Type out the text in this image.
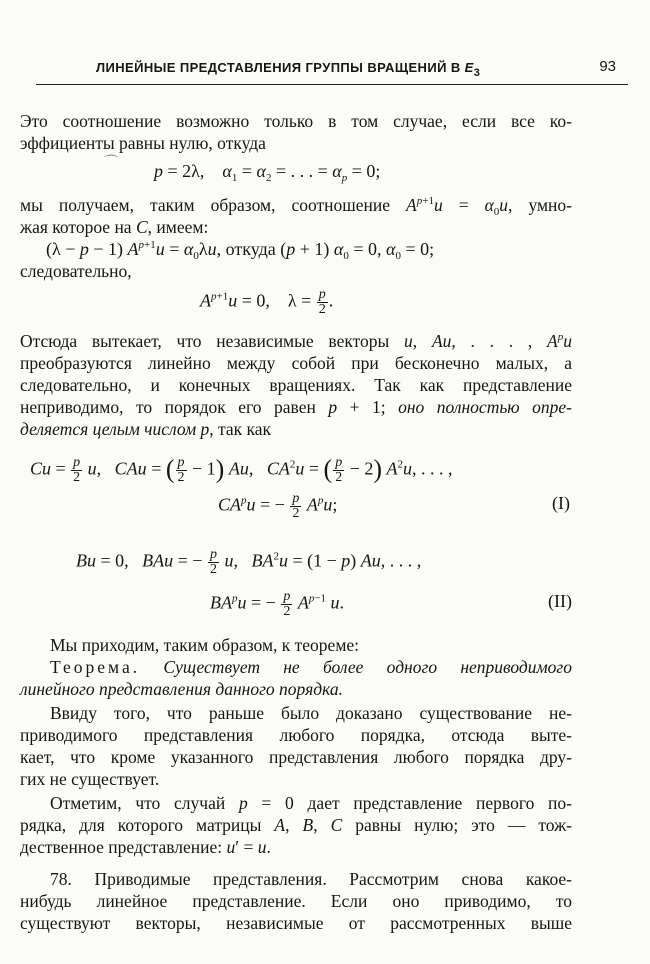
ЛИНЕЙНЫЕ ПРЕДСТАВЛЕНИЯ ГРУППЫ ВРАЩЕНИЙ В $E_3$	93
Это соотношение возможно только в том случае, если все ко-
эффициенты равны нулю, откуда
⌒ p = 2λ,    $\alpha_1 = \alpha_2$ = . . . = $\alpha_p = 0$;
мы получаем, таким образом, соотношение $A^{p+1}u = \alpha_0u$, умно-
жая которое на C, имеем:
(λ − p − 1) $A^{p+1}u = \alpha_0\lambda u$, откуда (p + 1) $\alpha_0 = 0$, $\alpha_0 = 0$;
следовательно,
$A^{p+1}u = 0$,    $\lambda = \frac{p}{2}$ .
Отсюда вытекает, что независимые векторы u, Au, . . . , $A^pu$
преобразуются линейно между собой при бесконечно малых, а
следовательно, и конечных вращениях. Так как представление
неприводимо, то порядок его равен p + 1; оно полностью опре-
деляется целым числом p, так как
$Cu = \frac{p}{2} u$,   CAu = ( $\frac{p}{2} - 1$) Au,   $CA^2u$ = ( $\frac{p}{2} - 2$) $A^2u$, . . . ,
$CA^pu$ = − $\frac{p}{2} A^pu$;	(I)
Bu = 0,   BAu = − $\frac{p}{2} u$,   $BA^2u = (1 - p)$ Au, . . . ,
$BA^pu$ = − $\frac{p}{2} A^{p-1}$ u.	(II)
Мы приходим, таким образом, к теореме:
Теорема. Существует не более одного неприводимого
линейного представления данного порядка.
Ввиду того, что раньше было доказано существование не-
приводимого представления любого порядка, отсюда выте-
кает, что кроме указанного представления любого порядка дру-
гих не существует.
Отметим, что случай p = 0 дает представление первого по-
рядка, для которого матрицы A, B, C равны нулю; это — тож-
дественное представление: u′ = u.
78. Приводимые представления. Рассмотрим снова какое-
нибудь линейное представление. Если оно приводимо, то
существуют векторы, независимые от рассмотренных выше
